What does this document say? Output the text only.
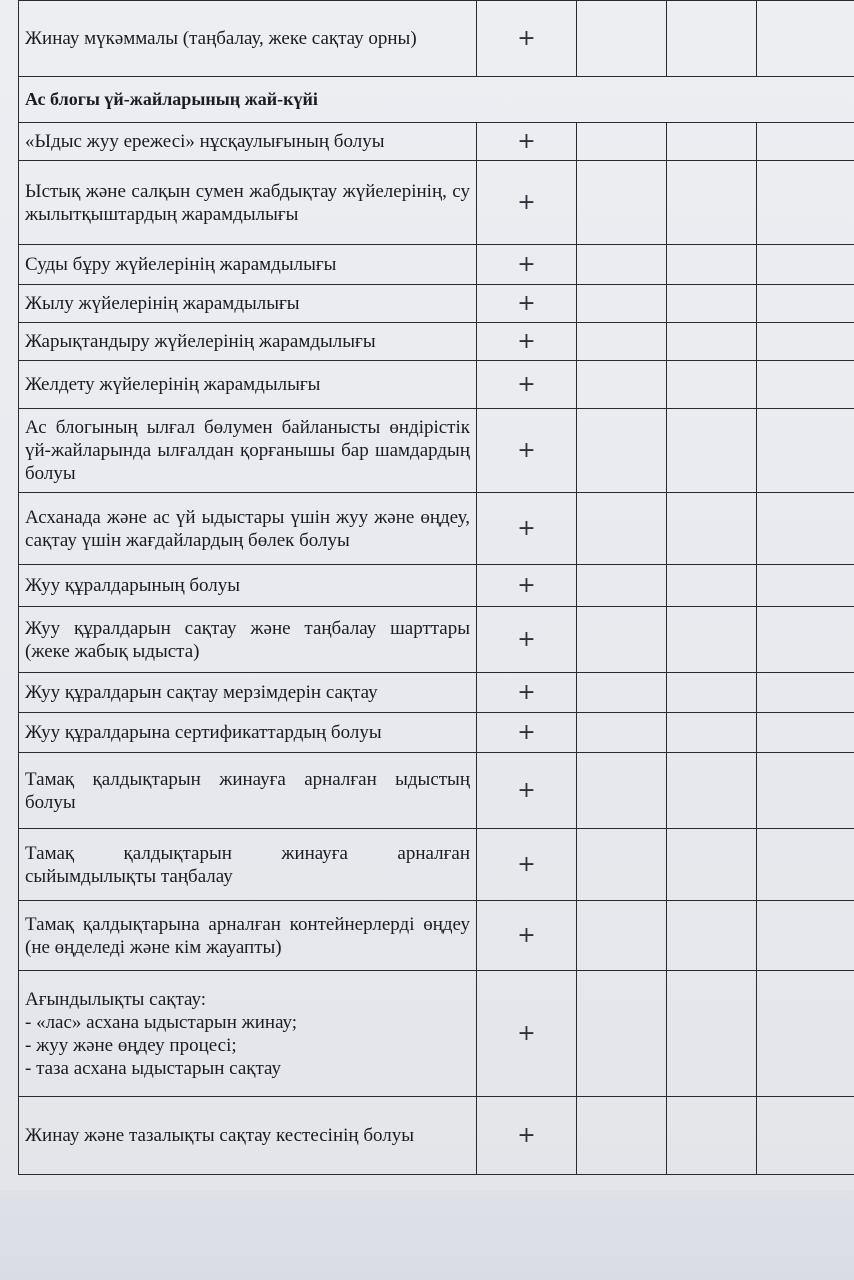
Жинау мүкәммалы (таңбалау, жеке сақтау орны)	+			
Ас блогы үй-жайларының жай-күйі				
«Ыдыс жуу ережесі» нұсқаулығының болуы	+			
Ыстық және салқын сумен жабдықтау жүйелерінің, су жылытқыштардың жарамдылығы	+			
Суды бұру жүйелерінің жарамдылығы	+			
Жылу жүйелерінің жарамдылығы	+			
Жарықтандыру жүйелерінің жарамдылығы	+			
Желдету жүйелерінің жарамдылығы	+			
Ас блогының ылғал бөлумен байланысты өндірістік үй-жайларында ылғалдан қорғанышы бар шамдардың болуы	+			
Асханада және ас үй ыдыстары үшін жуу және өңдеу, сақтау үшін жағдайлардың бөлек болуы	+			
Жуу құралдарының болуы	+			
Жуу құралдарын сақтау және таңбалау шарттары (жеке жабық ыдыста)	+			
Жуу құралдарын сақтау мерзімдерін сақтау	+			
Жуу құралдарына сертификаттардың болуы	+			
Тамақ қалдықтарын жинауға арналған ыдыстың болуы	+			
Тамақ қалдықтарын жинауға арналған сыйымдылықты таңбалау	+			
Тамақ қалдықтарына арналған контейнерлерді өңдеу (не өңделеді және кім жауапты)	+			

Ағындылықты сақтау:
- «лас» асхана ыдыстарын жинау;
- жуу және өңдеу процесі;
- таза асхана ыдыстарын сақтау	+			
Жинау және тазалықты сақтау кестесінің болуы	+			
